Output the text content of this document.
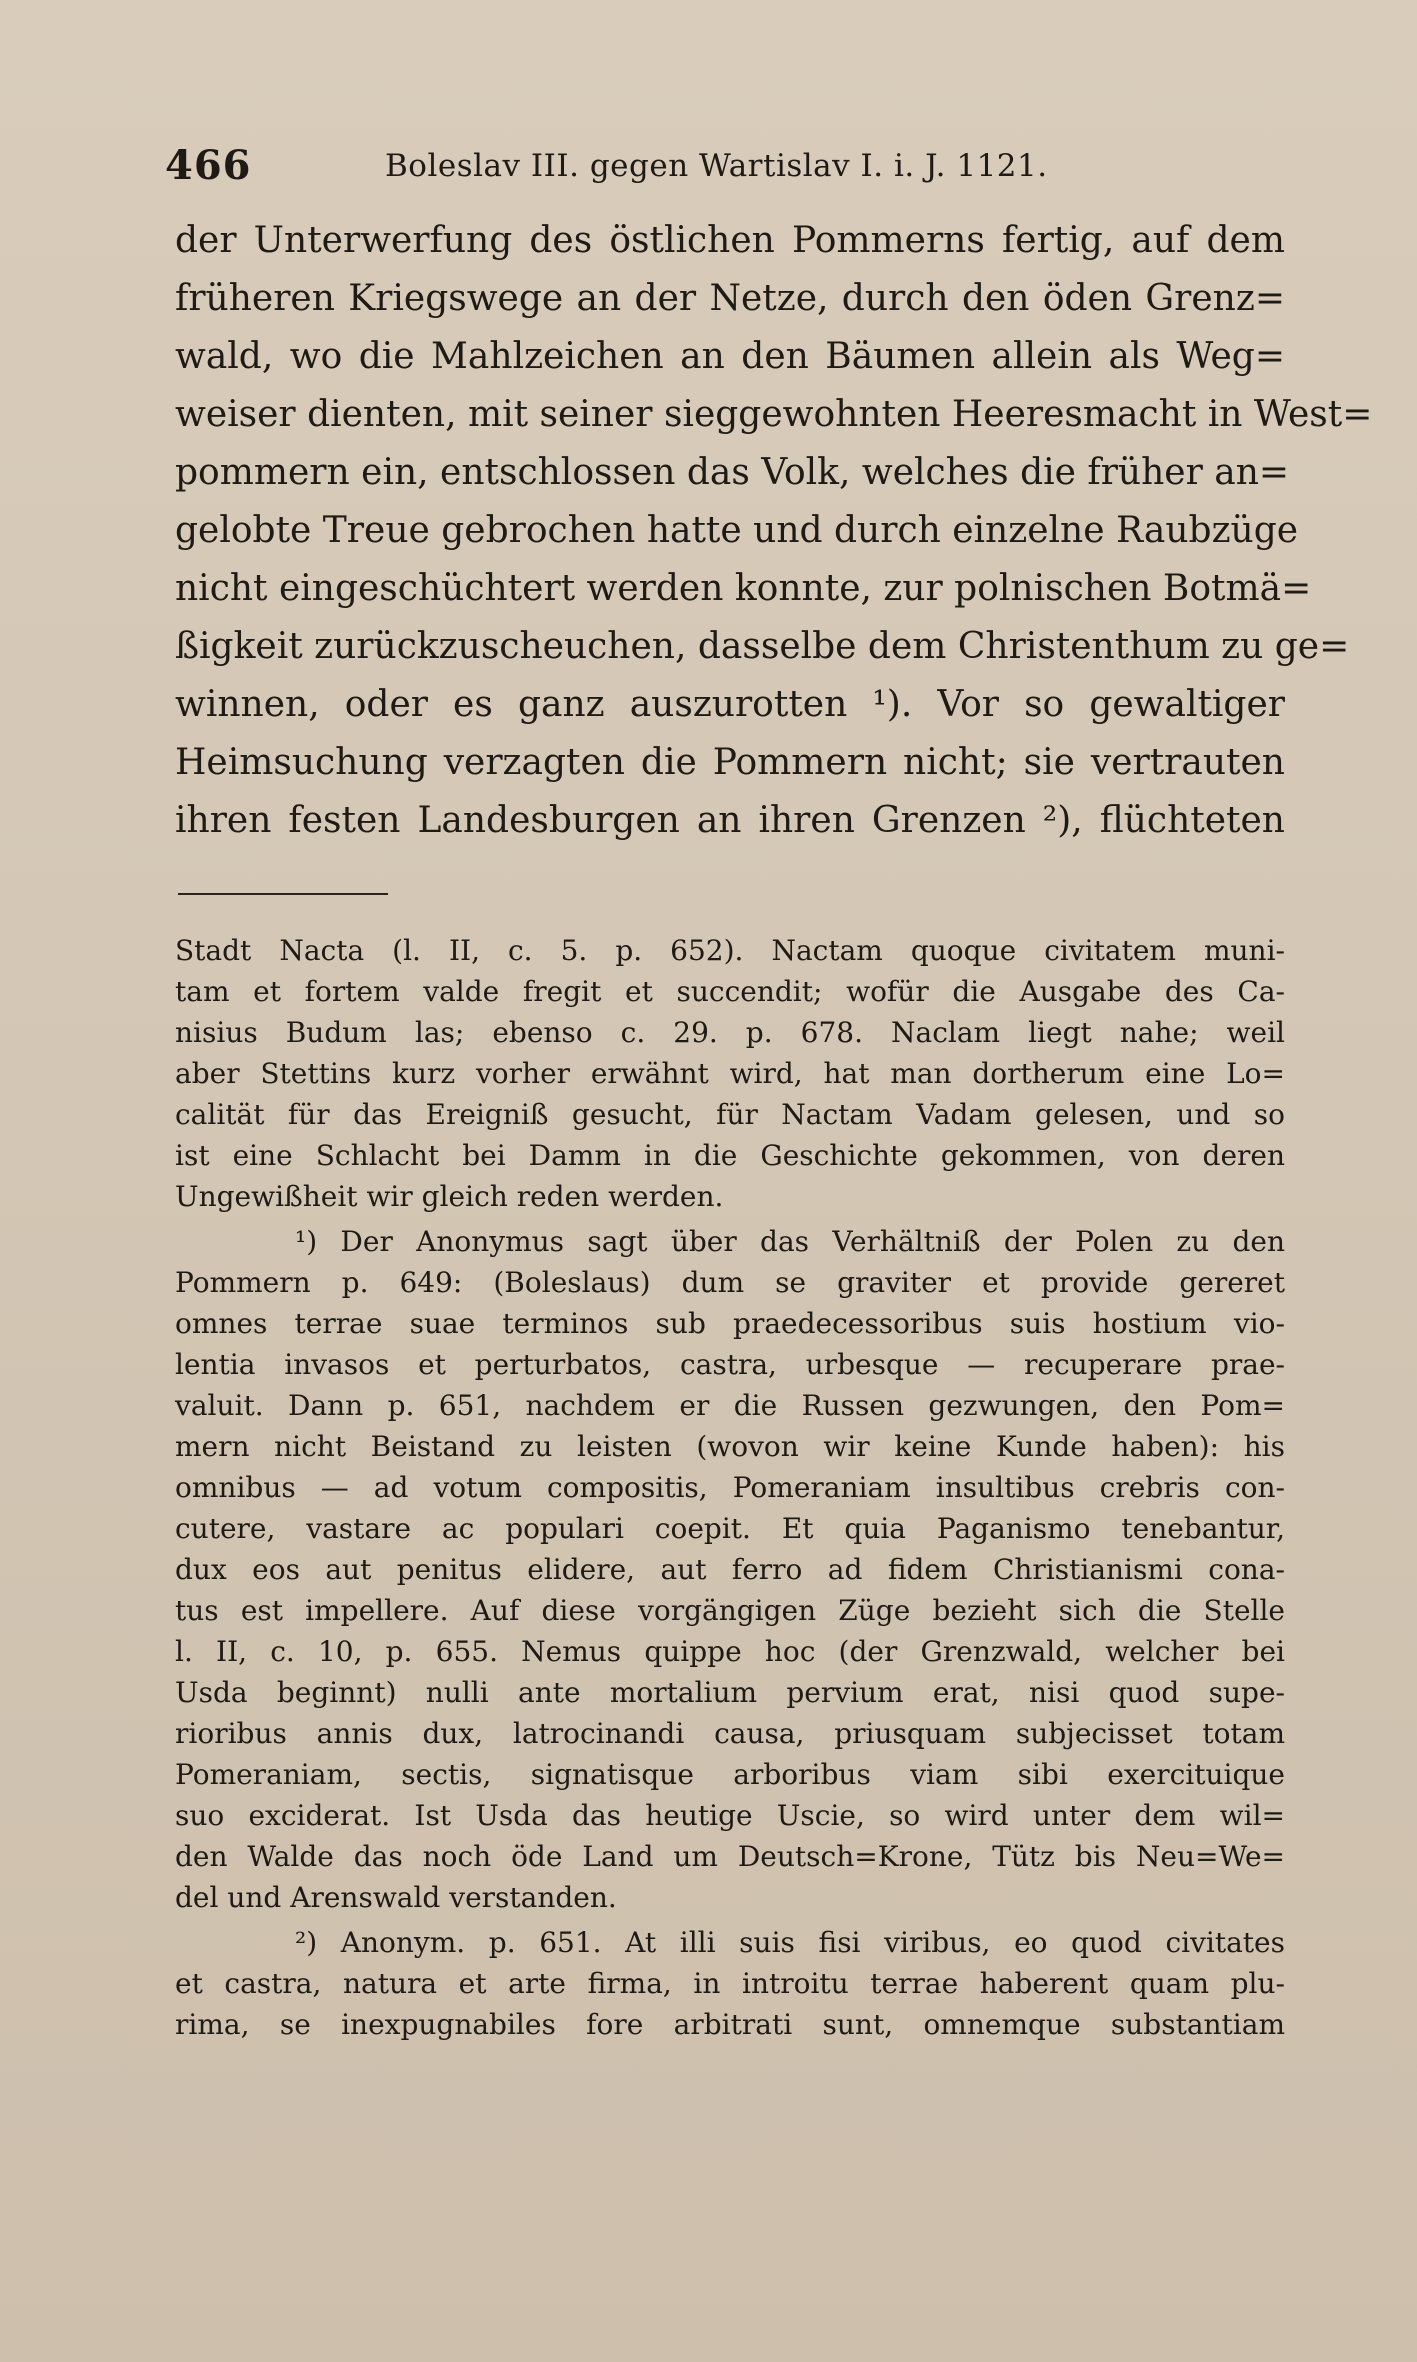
466	Boleslav III. gegen Wartislav I. i. J. 1121.
der Unterwerfung des östlichen Pommerns fertig, auf dem
früheren Kriegswege an der Netze, durch den öden Grenz=
wald, wo die Mahlzeichen an den Bäumen allein als Weg=
weiser dienten, mit seiner sieggewohnten Heeresmacht in West=
pommern ein, entschlossen das Volk, welches die früher an=
gelobte Treue gebrochen hatte und durch einzelne Raubzüge
nicht eingeschüchtert werden konnte, zur polnischen Botmä=
ßigkeit zurückzuscheuchen, dasselbe dem Christenthum zu ge=
winnen, oder es ganz auszurotten ¹). Vor so gewaltiger
Heimsuchung verzagten die Pommern nicht; sie vertrauten
ihren festen Landesburgen an ihren Grenzen ²), flüchteten
Stadt Nacta (l. II, c. 5. p. 652). Nactam quoque civitatem muni-
tam et fortem valde fregit et succendit; wofür die Ausgabe des Ca-
nisius Budum las; ebenso c. 29. p. 678. Naclam liegt nahe; weil
aber Stettins kurz vorher erwähnt wird, hat man dortherum eine Lo=
calität für das Ereigniß gesucht, für Nactam Vadam gelesen, und so
ist eine Schlacht bei Damm in die Geschichte gekommen, von deren
Ungewißheit wir gleich reden werden.
¹) Der Anonymus sagt über das Verhältniß der Polen zu den
Pommern p. 649: (Boleslaus) dum se graviter et provide gereret
omnes terrae suae terminos sub praedecessoribus suis hostium vio-
lentia invasos et perturbatos, castra, urbesque — recuperare prae-
valuit. Dann p. 651, nachdem er die Russen gezwungen, den Pom=
mern nicht Beistand zu leisten (wovon wir keine Kunde haben): his
omnibus — ad votum compositis, Pomeraniam insultibus crebris con-
cutere, vastare ac populari coepit. Et quia Paganismo tenebantur,
dux eos aut penitus elidere, aut ferro ad fidem Christianismi cona-
tus est impellere. Auf diese vorgängigen Züge bezieht sich die Stelle
l. II, c. 10, p. 655. Nemus quippe hoc (der Grenzwald, welcher bei
Usda beginnt) nulli ante mortalium pervium erat, nisi quod supe-
rioribus annis dux, latrocinandi causa, priusquam subjecisset totam
Pomeraniam, sectis, signatisque arboribus viam sibi exercituique
suo exciderat. Ist Usda das heutige Uscie, so wird unter dem wil=
den Walde das noch öde Land um Deutsch=Krone, Tütz bis Neu=We=
del und Arenswald verstanden.
²) Anonym. p. 651. At illi suis fisi viribus, eo quod civitates
et castra, natura et arte firma, in introitu terrae haberent quam plu-
rima, se inexpugnabiles fore arbitrati sunt, omnemque substantiam
